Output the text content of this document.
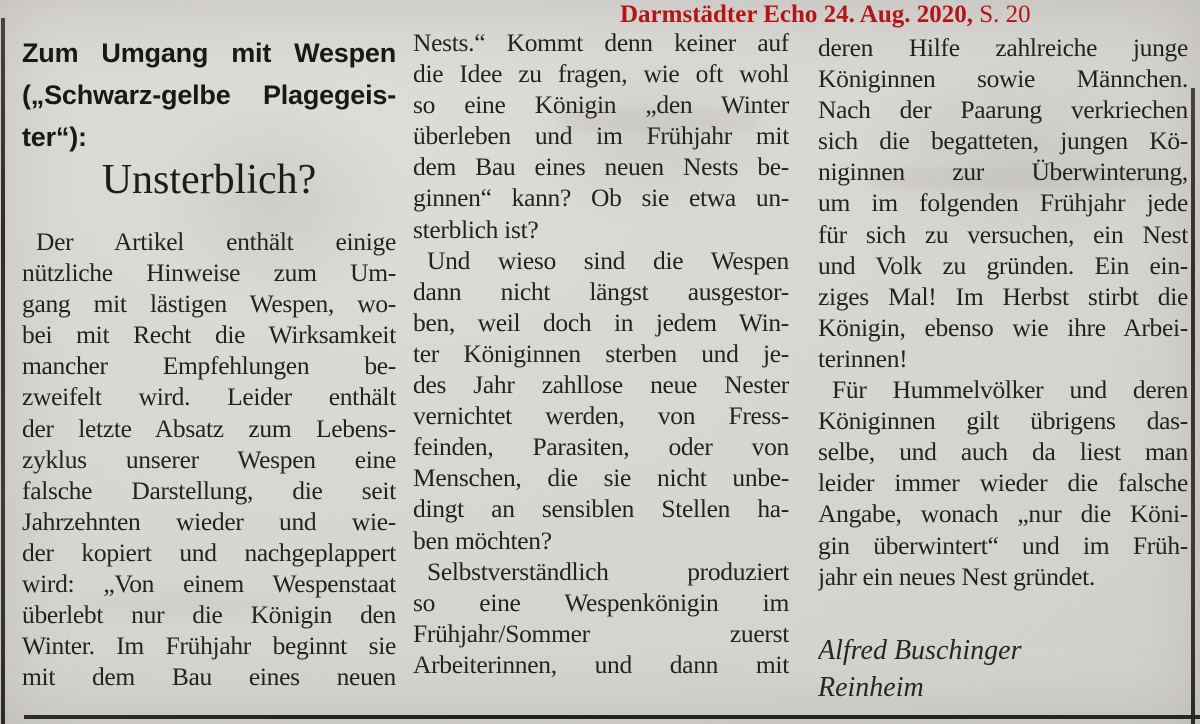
Darmstädter Echo 24. Aug. 2020, S. 20
Zum Umgang mit Wespen
(„Schwarz-gelbe Plagegeis-
ter“):
Unsterblich?
Der Artikel enthält einige
nützliche Hinweise zum Um-
gang mit lästigen Wespen, wo-
bei mit Recht die Wirksamkeit
mancher Empfehlungen be-
zweifelt wird. Leider enthält
der letzte Absatz zum Lebens-
zyklus unserer Wespen eine
falsche Darstellung, die seit
Jahrzehnten wieder und wie-
der kopiert und nachgeplappert
wird: „Von einem Wespenstaat
überlebt nur die Königin den
Winter. Im Frühjahr beginnt sie
mit dem Bau eines neuen
Nests.“ Kommt denn keiner auf
die Idee zu fragen, wie oft wohl
so eine Königin „den Winter
überleben und im Frühjahr mit
dem Bau eines neuen Nests be-
ginnen“ kann? Ob sie etwa un-
sterblich ist?
Und wieso sind die Wespen
dann nicht längst ausgestor-
ben, weil doch in jedem Win-
ter Königinnen sterben und je-
des Jahr zahllose neue Nester
vernichtet werden, von Fress-
feinden, Parasiten, oder von
Menschen, die sie nicht unbe-
dingt an sensiblen Stellen ha-
ben möchten?
Selbstverständlich produziert
so eine Wespenkönigin im
Frühjahr/Sommer zuerst
Arbeiterinnen, und dann mit
deren Hilfe zahlreiche junge
Königinnen sowie Männchen.
Nach der Paarung verkriechen
sich die begatteten, jungen Kö-
niginnen zur Überwinterung,
um im folgenden Frühjahr jede
für sich zu versuchen, ein Nest
und Volk zu gründen. Ein ein-
ziges Mal! Im Herbst stirbt die
Königin, ebenso wie ihre Arbei-
terinnen!
Für Hummelvölker und deren
Königinnen gilt übrigens das-
selbe, und auch da liest man
leider immer wieder die falsche
Angabe, wonach „nur die Köni-
gin überwintert“ und im Früh-
jahr ein neues Nest gründet.
Alfred Buschinger
Reinheim
